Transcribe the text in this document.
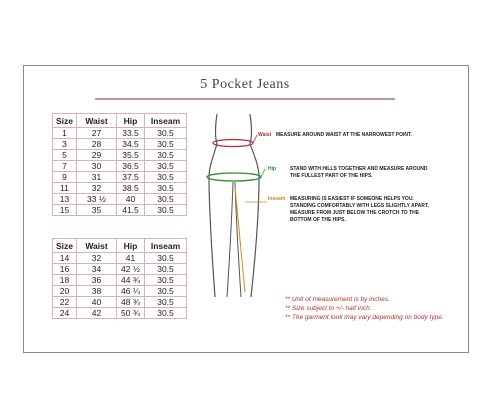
5 Pocket Jeans
Size	Waist	Hip	Inseam
1	27	33.5	30.5
3	28	34.5	30.5
5	29	35.5	30.5
7	30	36.5	30.5
9	31	37.5	30.5
11	32	38.5	30.5
13	33 ½	40	30.5
15	35	41.5	30.5
Size	Waist	Hip	Inseam
14	32	41	30.5
16	34	42 ½	30.5
18	36	44 ¾	30.5
20	38	46 ¼	30.5
22	40	48 ¾	30.5
24	42	50 ¾	30.5
Waist MEASURE AROUND WAIST AT THE NARROWEST POINT.
Hip	STAND WITH HILLS TOGETHER AND MEASURE AROUND
THE FULLEST PART OF THE HIPS.
Inseam MEASURING IS EASIEST IF SOMEONE HELPS YOU.
STANDING COMFORTABLY WITH LEGS SLIGHTLY APART,
MEASURE FROM JUST BELOW THE CROTCH TO THE
BOTTOM OF THE HIPS.
** Unit of measurement is by inches.
** Size subject to +/- half inch.
** The garment look may vary depending on body type.
